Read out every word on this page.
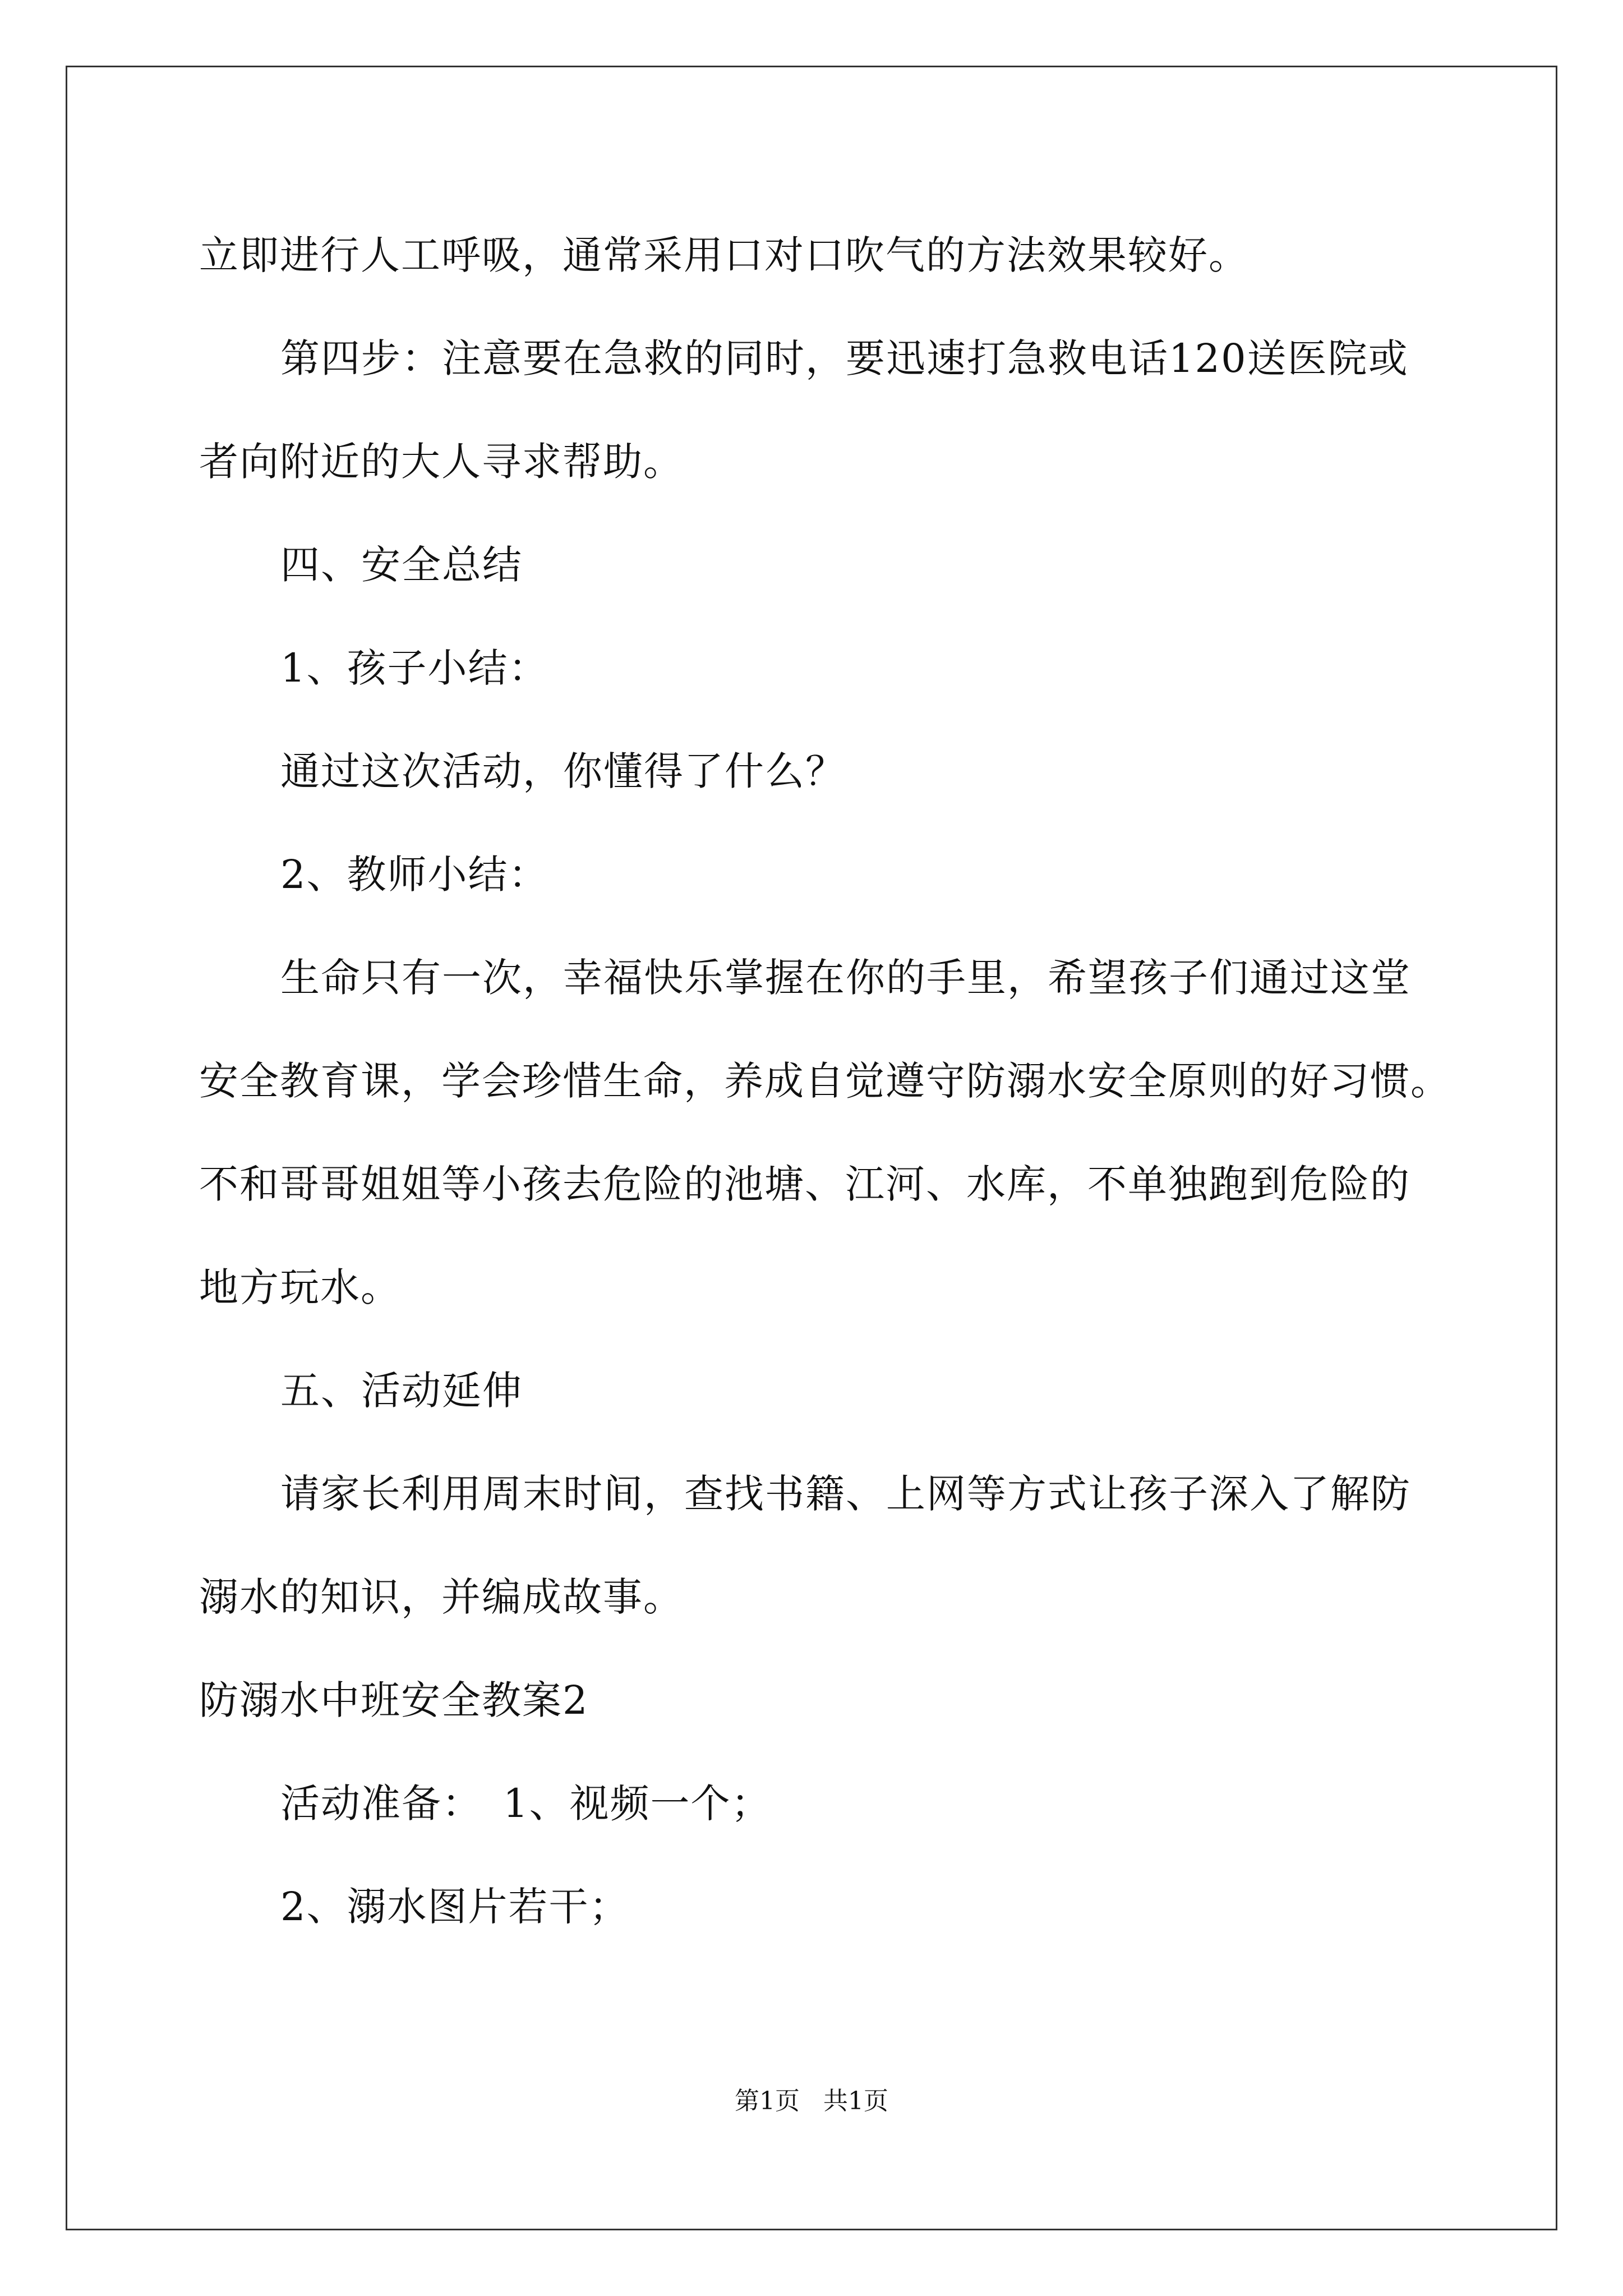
立即进行人工呼吸，通常采用口对口吹气的方法效果较好。
第四步：注意要在急救的同时，要迅速打急救电话120送医院或
者向附近的大人寻求帮助。
四、安全总结
1、孩子小结：
通过这次活动，你懂得了什么？
2、教师小结：
生命只有一次，幸福快乐掌握在你的手里，希望孩子们通过这堂
安全教育课，学会珍惜生命，养成自觉遵守防溺水安全原则的好习惯。
不和哥哥姐姐等小孩去危险的池塘、江河、水库，不单独跑到危险的
地方玩水。
五、活动延伸
请家长利用周末时间，查找书籍、上网等方式让孩子深入了解防
溺水的知识，并编成故事。
防溺水中班安全教案2
活动准备：　1、视频一个；
2、溺水图片若干；
第1页 共1页
